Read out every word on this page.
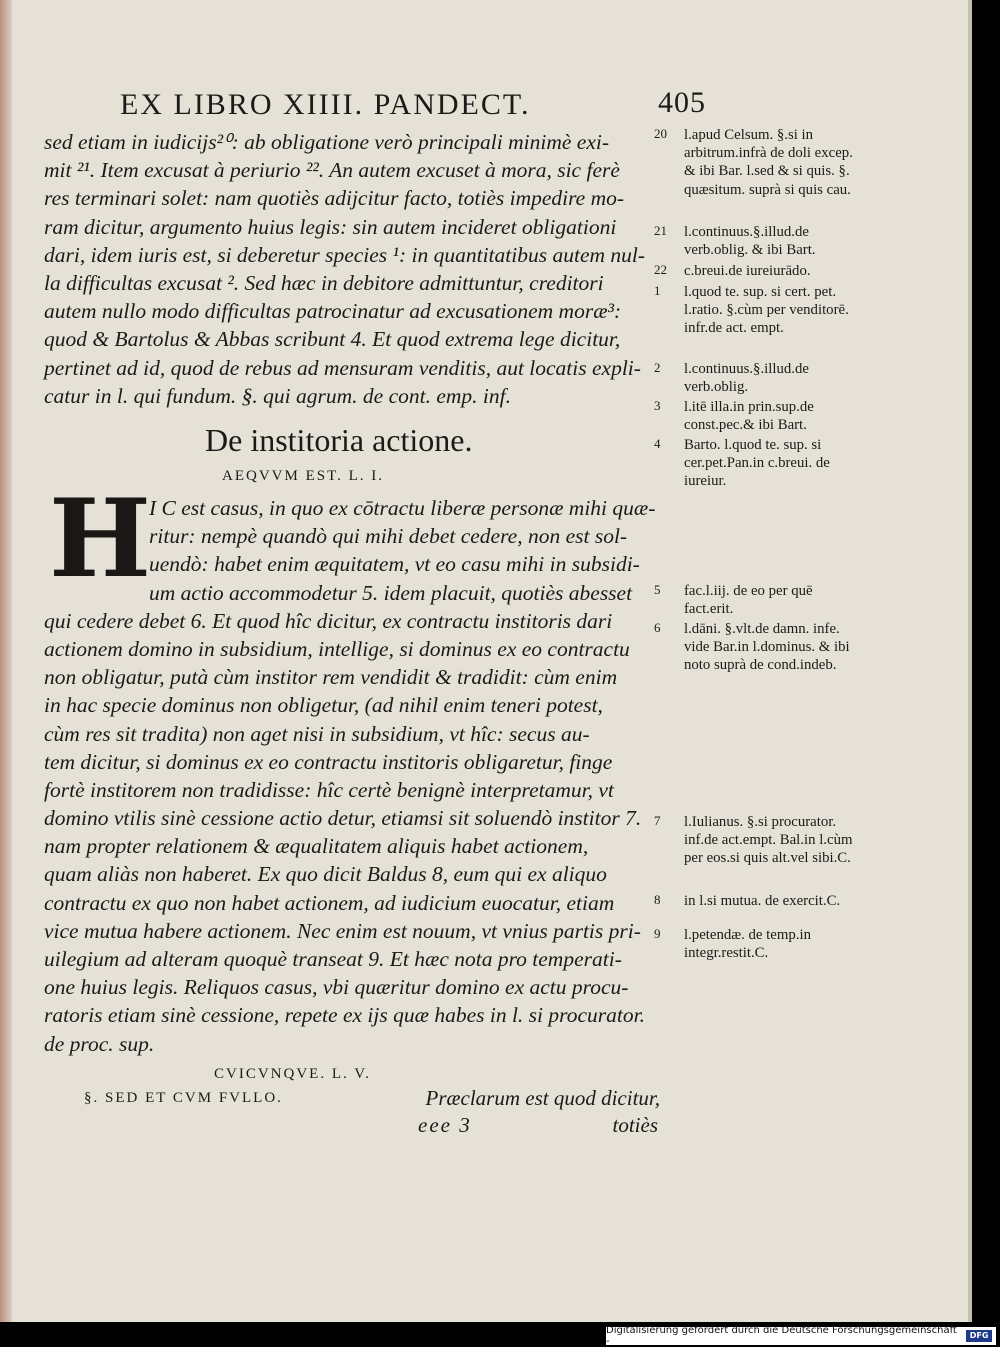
EX LIBRO XIIII. PANDECT.	405
sed etiam in iudicijs²⁰: ab obligatione verò principali minimè exi-
mit ²¹. Item excusat à periurio ²². An autem excuset à mora, sic ferè
res terminari solet: nam quotiès adijcitur facto, totiès impedire mo-
ram dicitur, argumento huius legis: sin autem incideret obligationi
dari, idem iuris est, si deberetur species ¹: in quantitatibus autem nul-
la difficultas excusat ². Sed hæc in debitore admittuntur, creditori
autem nullo modo difficultas patrocinatur ad excusationem moræ³:
quod & Bartolus & Abbas scribunt 4. Et quod extrema lege dicitur,
pertinet ad id, quod de rebus ad mensuram venditis, aut locatis expli-
catur in l. qui fundum. §. qui agrum. de cont. emp. inf.
De institoria actione.
AEQVVM EST. L. I.
H
I C est casus, in quo ex cōtractu liberæ personæ mihi quæ-
ritur: nempè quandò qui mihi debet cedere, non est sol-
uendò: habet enim æquitatem, vt eo casu mihi in subsidi-
um actio accommodetur 5. idem placuit, quotiès abesset
qui cedere debet 6. Et quod hîc dicitur, ex contractu institoris dari
actionem domino in subsidium, intellige, si dominus ex eo contractu
non obligatur, putà cùm institor rem vendidit & tradidit: cùm enim
in hac specie dominus non obligetur, (ad nihil enim teneri potest,
cùm res sit tradita) non aget nisi in subsidium, vt hîc: secus au-
tem dicitur, si dominus ex eo contractu institoris obligaretur, finge
fortè institorem non tradidisse: hîc certè benignè interpretamur, vt
domino vtilis sinè cessione actio detur, etiamsi sit soluendò institor 7.
nam propter relationem & æqualitatem aliquis habet actionem,
quam aliàs non haberet. Ex quo dicit Baldus 8, eum qui ex aliquo
contractu ex quo non habet actionem, ad iudicium euocatur, etiam
vice mutua habere actionem. Nec enim est nouum, vt vnius partis pri-
uilegium ad alteram quoquè transeat 9. Et hæc nota pro temperati-
one huius legis. Reliquos casus, vbi quæritur domino ex actu procu-
ratoris etiam sinè cessione, repete ex ijs quæ habes in l. si procurator.
de proc. sup.
CVICVNQVE. L. V.
§. SED ET CVM FVLLO.	Præclarum est quod dicitur,
eee 3	totiès
20	l.apud Celsum. §.si in arbitrum.infrà de doli excep. & ibi Bar. l.sed & si quis. §. quæsitum. suprà si quis cau.
21	l.continuus.§.illud.de verb.oblig. & ibi Bart.
22	c.breui.de iureiurādo.
1	l.quod te. sup. si cert. pet. l.ratio. §.cùm per venditorē. infr.de act. empt.
2	l.continuus.§.illud.de verb.oblig.
3	l.itē illa.in prin.sup.de const.pec.& ibi Bart.
4	Barto. l.quod te. sup. si cer.pet.Pan.in c.breui. de iureiur.
5	fac.l.iij. de eo per quē fact.erit.
6	l.dāni. §.vlt.de damn. infe. vide Bar.in l.dominus. & ibi noto suprà de cond.indeb.
7	l.Iulianus. §.si procurator. inf.de act.empt. Bal.in l.cùm per eos.si quis alt.vel sibi.C.
8	in l.si mutua. de exercit.C.
9	l.petendæ. de temp.in integr.restit.C.
Digitalisierung gefördert durch die Deutsche Forschungsgemeinschaft -
DFG
